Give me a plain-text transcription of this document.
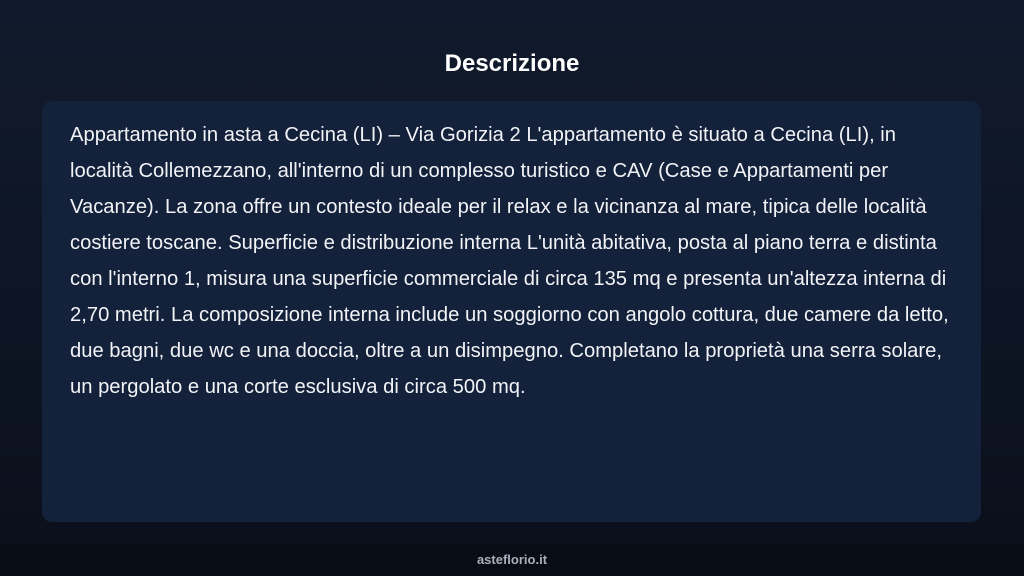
Descrizione

Appartamento in asta a Cecina (LI) – Via Gorizia 2 L'appartamento è situato a Cecina (LI), in località Collemezzano, all'interno di un complesso turistico e CAV (Case e Appartamenti per Vacanze). La zona offre un contesto ideale per il relax e la vicinanza al mare, tipica delle località costiere toscane. Superficie e distribuzione interna L'unità abitativa, posta al piano terra e distinta con l'interno 1, misura una superficie commerciale di circa 135 mq e presenta un'altezza interna di 2,70 metri. La composizione interna include un soggiorno con angolo cottura, due camere da letto, due bagni, due wc e una doccia, oltre a un disimpegno. Completano la proprietà una serra solare, un pergolato e una corte esclusiva di circa 500 mq.

asteflorio.it
